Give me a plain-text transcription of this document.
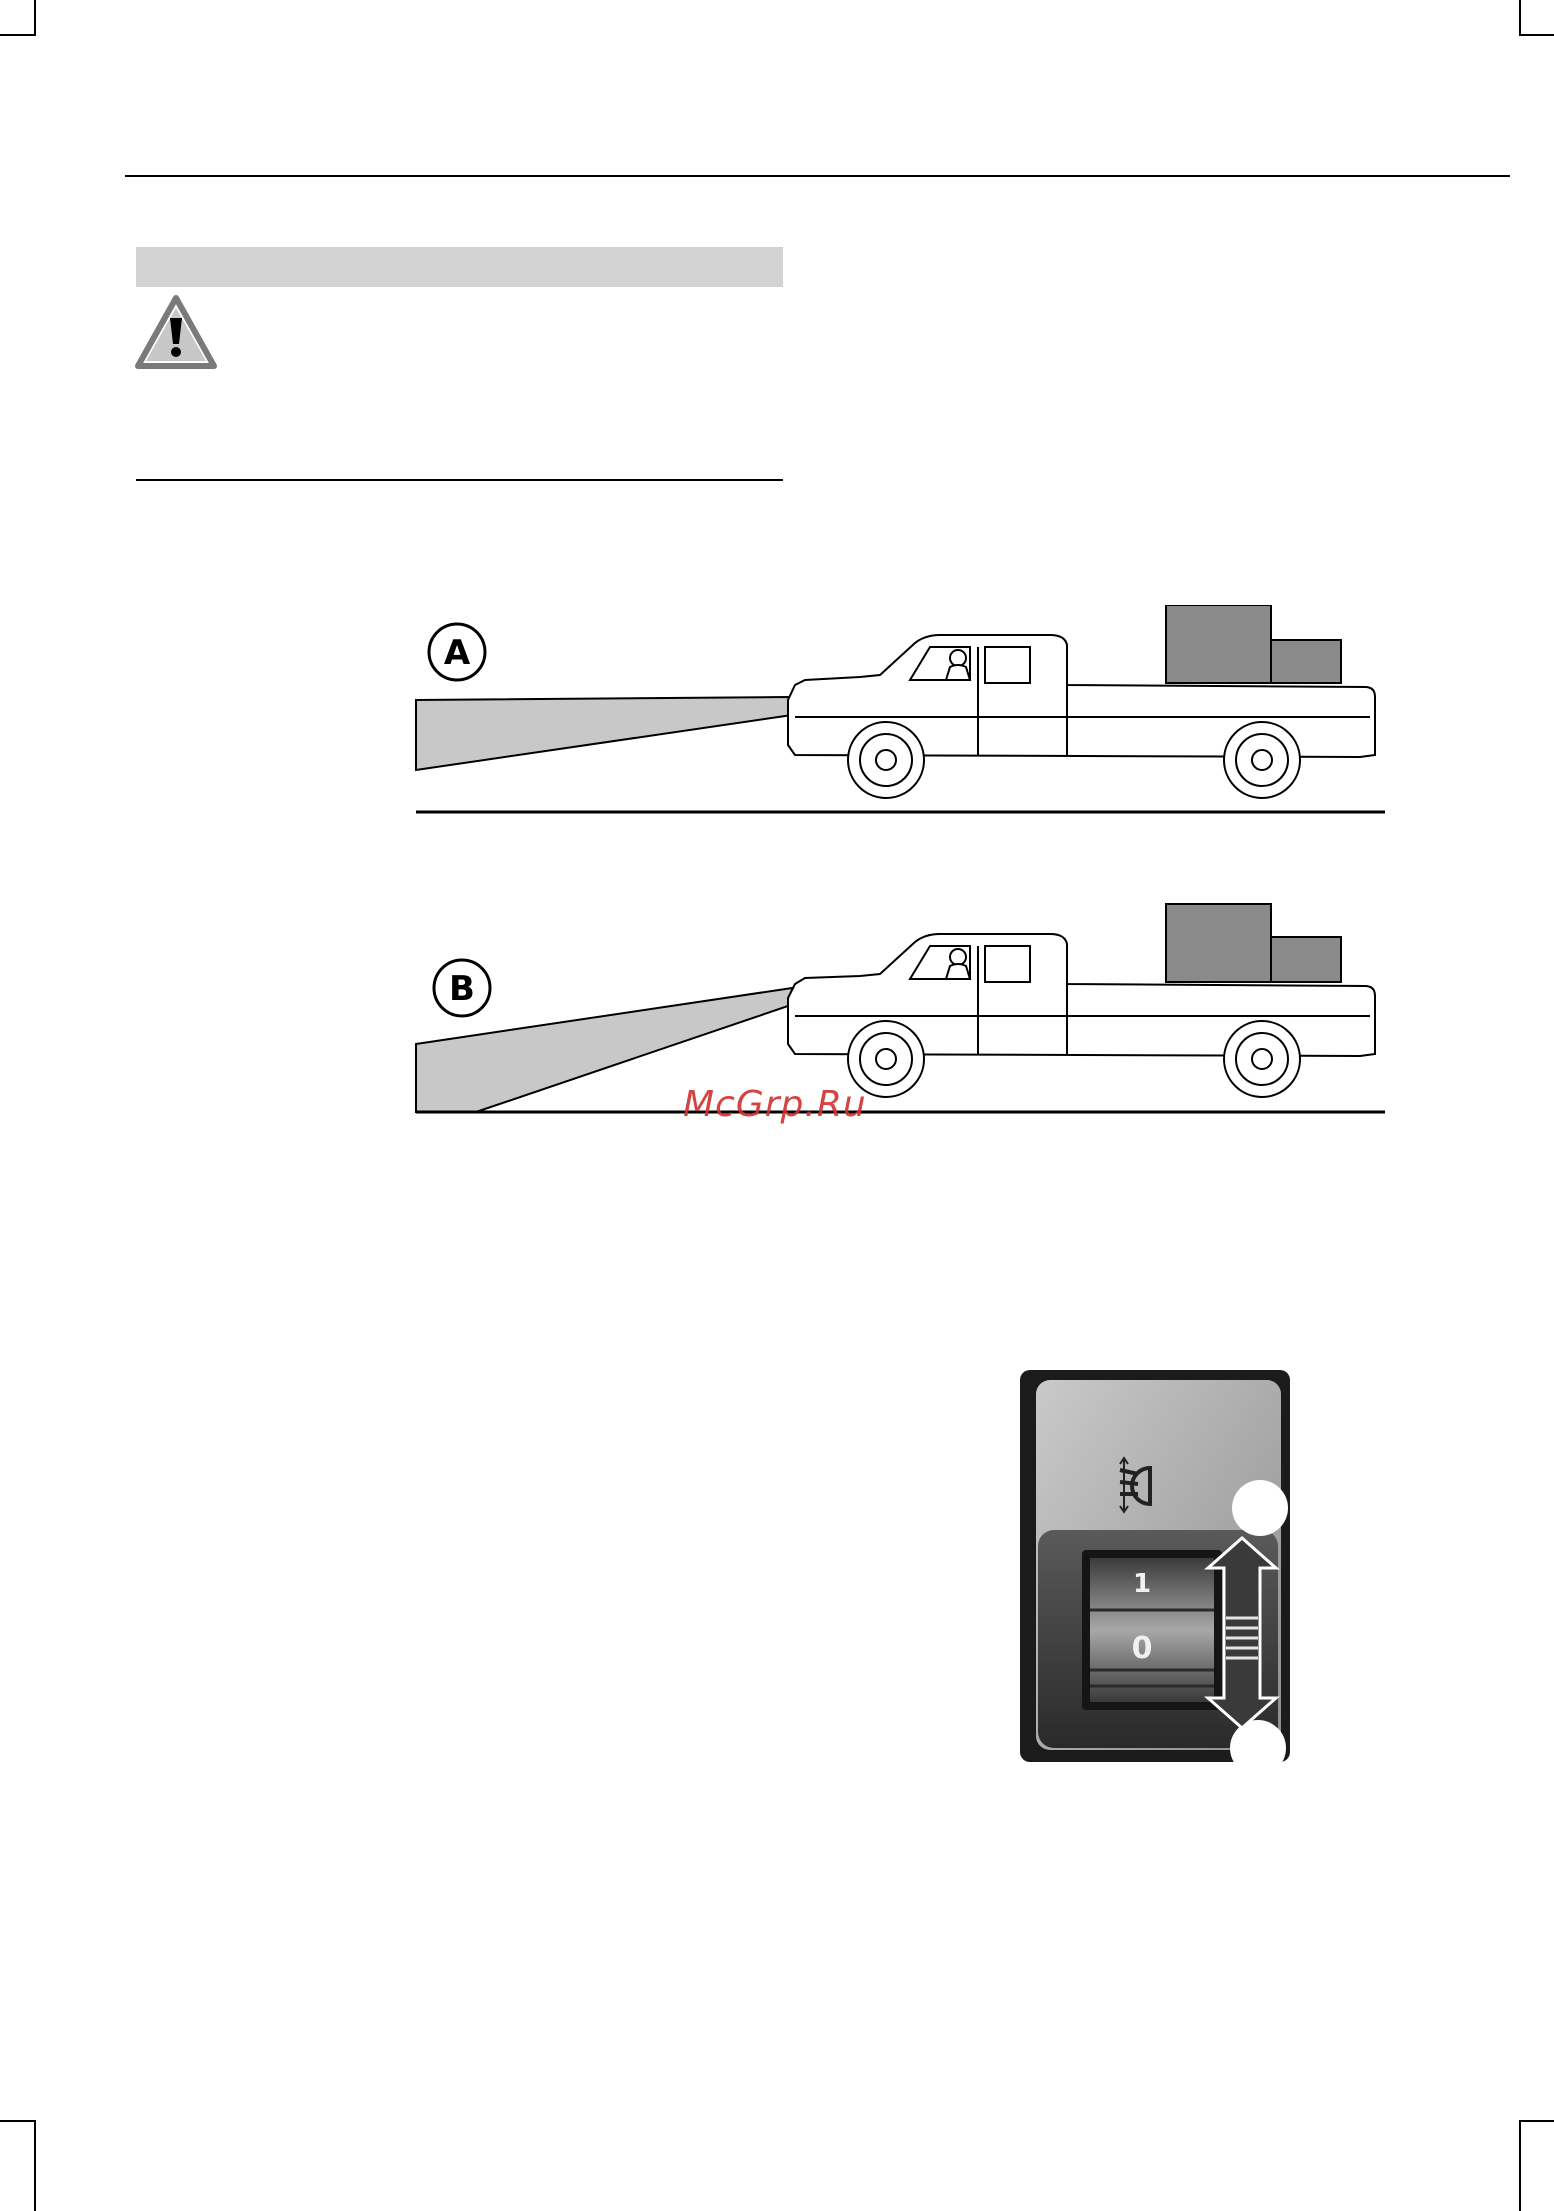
A
B
McGrp.Ru
1
0
